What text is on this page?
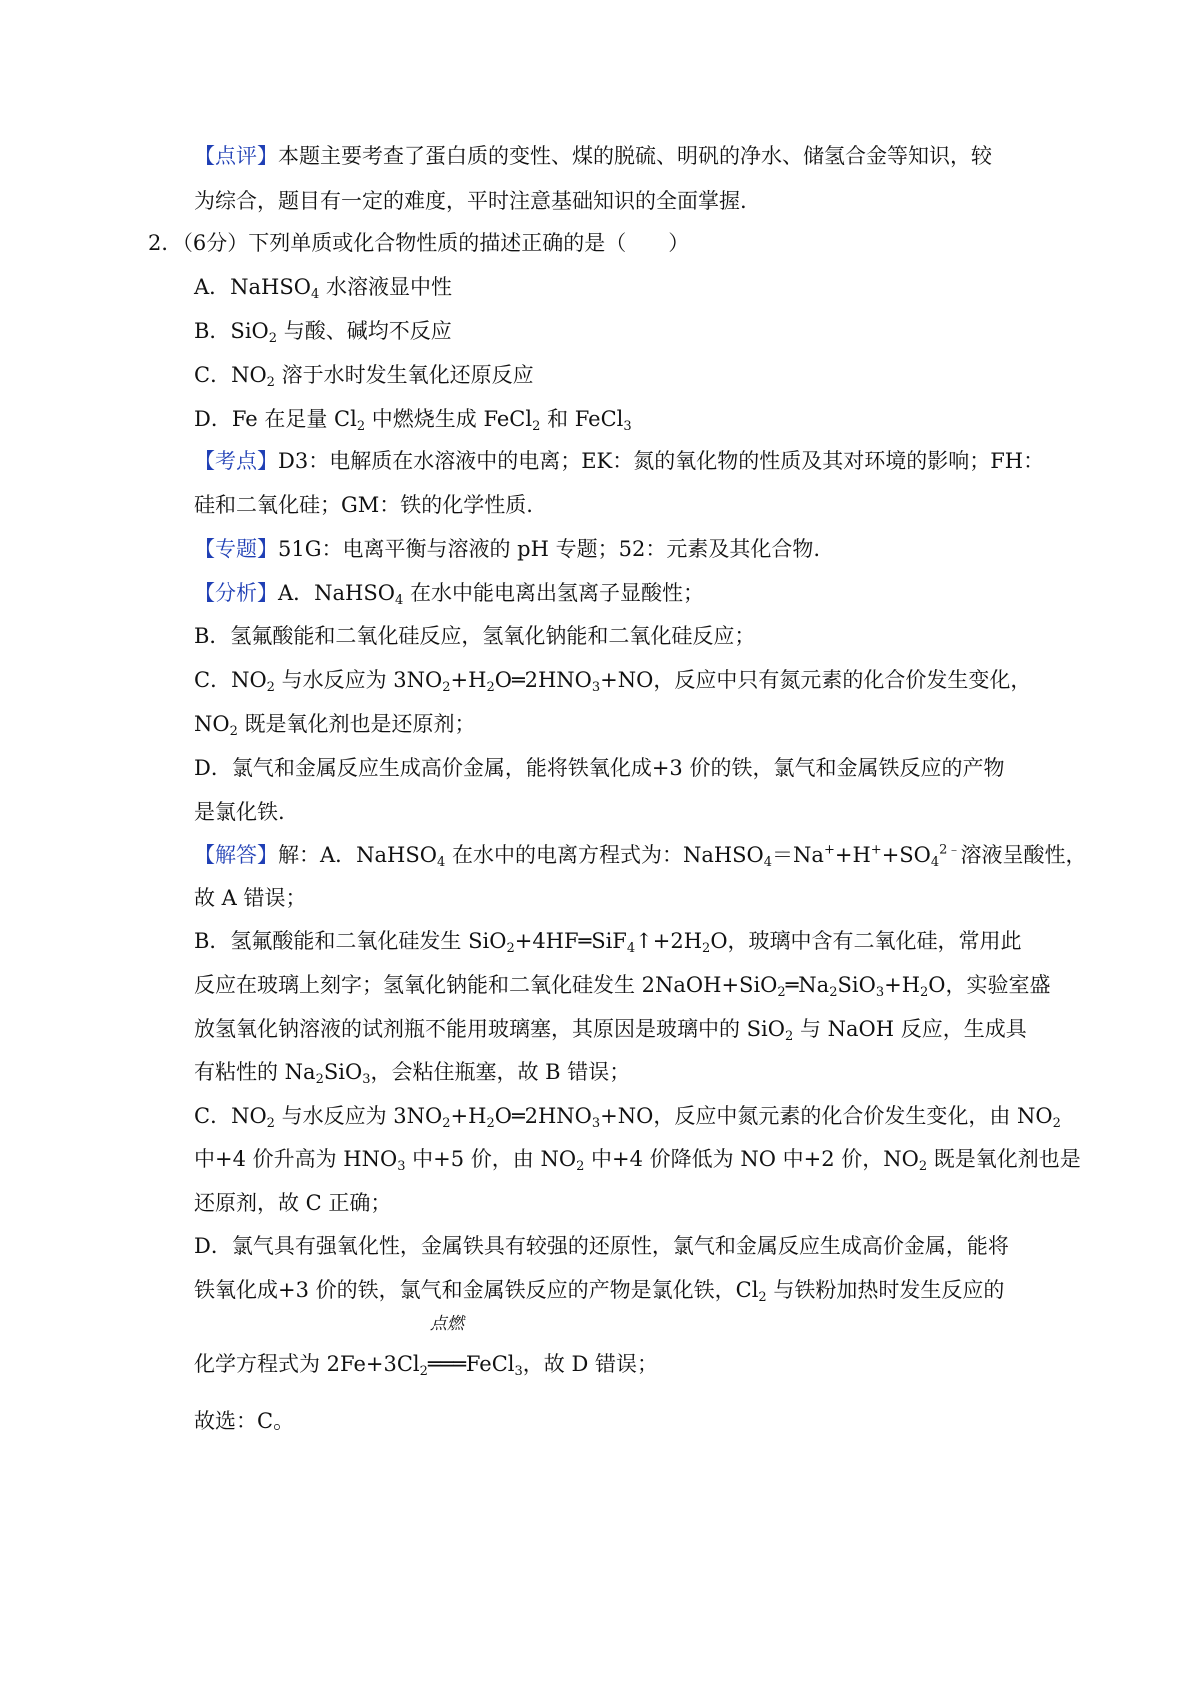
【点评】本题主要考查了蛋白质的变性、煤的脱硫、明矾的净水、储氢合金等知识，较
为综合，题目有一定的难度，平时注意基础知识的全面掌握.
2．（6分）下列单质或化合物性质的描述正确的是（　　）
A．NaHSO$_4$ 水溶液显中性
B．SiO$_2$ 与酸、碱均不反应
C．$NO_2$ 溶于水时发生氧化还原反应
D．Fe 在足量 $Cl_2$ 中燃烧生成 FeCl$_2$ 和 FeCl$_3$
【考点】D3：电解质在水溶液中的电离；EK：氮的氧化物的性质及其对环境的影响；FH：
硅和二氧化硅；GM：铁的化学性质.
【专题】51G：电离平衡与溶液的 pH 专题；52：元素及其化合物.
【分析】A．NaHSO$_4$ 在水中能电离出氢离子显酸性；
B．氢氟酸能和二氧化硅反应，氢氧化钠能和二氧化硅反应；
C．$NO_2$ 与水反应为 $3NO_2+H_2O═2HNO_3+NO$，反应中只有氮元素的化合价发生变化，
$NO_2$ 既是氧化剂也是还原剂；
D．氯气和金属反应生成高价金属，能将铁氧化成+3 价的铁，氯气和金属铁反应的产物
是氯化铁.
【解答】解：A．NaHSO$_4$ 在水中的电离方程式为：$NaHSO_4=Na^++H^++SO_4^{2﹣}$溶液呈酸性，
故 A 错误；
B．氢氟酸能和二氧化硅发生 $SiO_2+4HF═SiF_4↑+2H_2O$，玻璃中含有二氧化硅，常用此
反应在玻璃上刻字；氢氧化钠能和二氧化硅发生 $2NaOH+SiO_2═Na_2SiO_3+H_2O$，实验室盛
放氢氧化钠溶液的试剂瓶不能用玻璃塞，其原因是玻璃中的 SiO$_2$ 与 NaOH 反应，生成具
有粘性的 $Na_2SiO_3$，会粘住瓶塞，故 B 错误；
C．$NO_2$ 与水反应为 $3NO_2+H_2O═2HNO_3+NO$，反应中氮元素的化合价发生变化，由 $NO_2$
中+4 价升高为 $HNO_3$ 中+5 价，由 $NO_2$ 中+4 价降低为 NO 中+2 价，$NO_2$ 既是氧化剂也是
还原剂，故 C 正确；
D．氯气具有强氧化性，金属铁具有较强的还原性，氯气和金属反应生成高价金属，能将
铁氧化成+3 价的铁，氯气和金属铁反应的产物是氯化铁，$Cl_2$ 与铁粉加热时发生反应的
化学方程式为 $2Fe+3Cl_2$
点燃
═══FeCl$_3$，故 D 错误；
故选：C。
